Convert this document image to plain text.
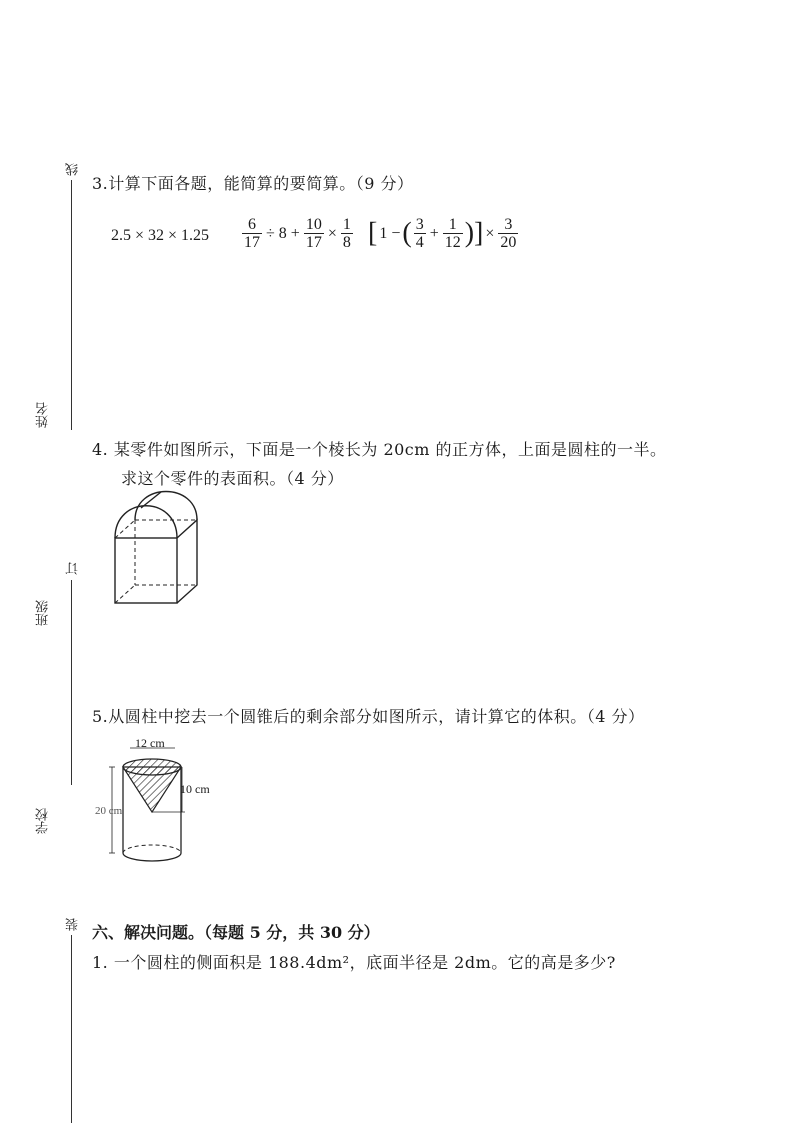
线
姓名
订
班级
学校
装
3.计算下面各题，能简算的要简算。（9 分）
$2.5 \times 32 \times 1.25 \frac{6}{17} \div 8 + \frac{10}{17} \times \frac{1}{8}$ [ 1 −( $\frac{3}{4} + \frac{1}{12}$ )] × $\frac{3}{20}$
4. 某零件如图所示，下面是一个棱长为 20cm 的正方体，上面是圆柱的一半。
求这个零件的表面积。（4 分）
5.从圆柱中挖去一个圆锥后的剩余部分如图所示，请计算它的体积。（4 分）
12 cm
10 cm
20 cm
六、解决问题。（每题 5 分，共 30 分）
1. 一个圆柱的侧面积是 188.4dm²，底面半径是 2dm。它的高是多少?
